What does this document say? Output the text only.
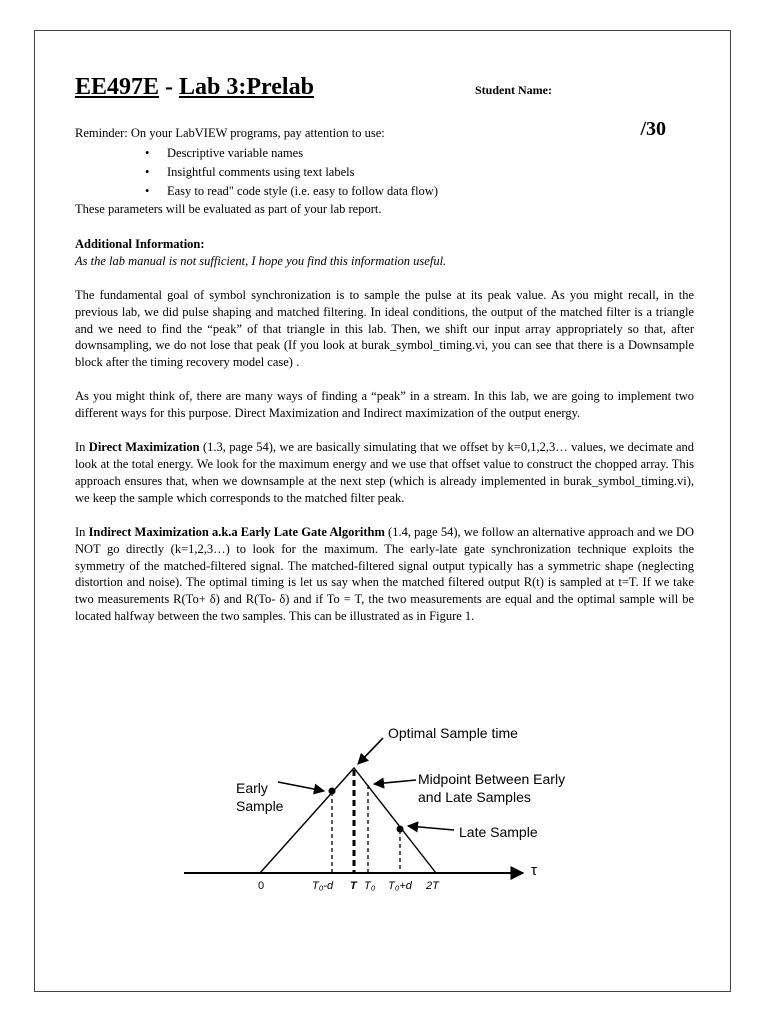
EE497E - Lab 3:Prelab	Student Name:
Reminder: On your LabVIEW programs, pay attention to use:	/30
• Descriptive variable names
• Insightful comments using text labels
• Easy to read" code style (i.e. easy to follow data flow)

These parameters will be evaluated as part of your lab report.

Additional Information:

As the lab manual is not sufficient, I hope you find this information useful.

The fundamental goal of symbol synchronization is to sample the pulse at its peak value. As you might recall, in the previous lab, we did pulse shaping and matched filtering. In ideal conditions, the output of the matched filter is a triangle and we need to find the “peak” of that triangle in this lab. Then, we shift our input array appropriately so that, after downsampling, we do not lose that peak (If you look at burak_symbol_timing.vi, you can see that there is a Downsample block after the timing recovery model case) .

As you might think of, there are many ways of finding a “peak” in a stream. In this lab, we are going to implement two different ways for this purpose. Direct Maximization and Indirect maximization of the output energy.

In Direct Maximization (1.3, page 54), we are basically simulating that we offset by k=0,1,2,3… values, we decimate and look at the total energy. We look for the maximum energy and we use that offset value to construct the chopped array. This approach ensures that, when we downsample at the next step (which is already implemented in burak_symbol_timing.vi), we keep the sample which corresponds to the matched filter peak.

In Indirect Maximization a.k.a Early Late Gate Algorithm (1.4, page 54), we follow an alternative approach and we DO NOT go directly (k=1,2,3…) to look for the maximum. The early-late gate synchronization technique exploits the symmetry of the matched-filtered signal. The matched-filtered signal output typically has a symmetric shape (neglecting distortion and noise). The optimal timing is let us say when the matched filtered output R(t) is sampled at t=T. If we take two measurements R(To+ δ) and R(To- δ) and if To = T, the two measurements are equal and the optimal sample will be located halfway between the two samples. This can be illustrated as in Figure 1.

Optimal Sample time
Early
Sample
Midpoint Between Early
and Late Samples
Late Sample
τ
0	T₀-d T T₀ T₀+d 2T
